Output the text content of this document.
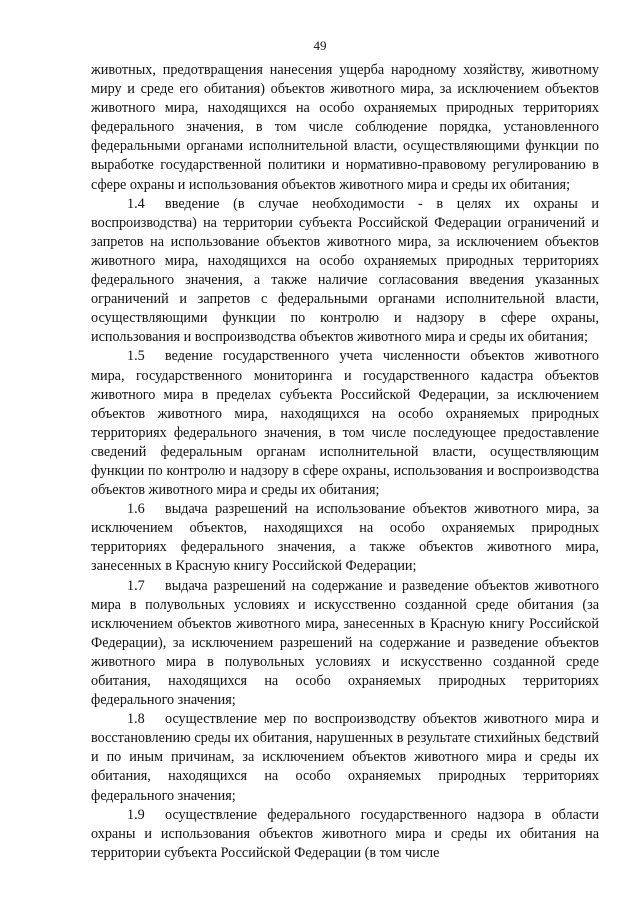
49

животных, предотвращения нанесения ущерба народному хозяйству, животному миру и среде его обитания) объектов животного мира, за исключением объектов животного мира, находящихся на особо охраняемых природных территориях федерального значения, в том числе соблюдение порядка, установленного федеральными органами исполнительной власти, осуществляющими функции по выработке государственной политики и нормативно-правовому регулированию в сфере охраны и использования объектов животного мира и среды их обитания;

1.4 введение (в случае необходимости - в целях их охраны и воспроизводства) на территории субъекта Российской Федерации ограничений и запретов на использование объектов животного мира, за исключением объектов животного мира, находящихся на особо охраняемых природных территориях федерального значения, а также наличие согласования введения указанных ограничений и запретов с федеральными органами исполнительной власти, осуществляющими функции по контролю и надзору в сфере охраны, использования и воспроизводства объектов животного мира и среды их обитания;

1.5 ведение государственного учета численности объектов животного мира, государственного мониторинга и государственного кадастра объектов животного мира в пределах субъекта Российской Федерации, за исключением объектов животного мира, находящихся на особо охраняемых природных территориях федерального значения, в том числе последующее предоставление сведений федеральным органам исполнительной власти, осуществляющим функции по контролю и надзору в сфере охраны, использования и воспроизводства объектов животного мира и среды их обитания;

1.6 выдача разрешений на использование объектов животного мира, за исключением объектов, находящихся на особо охраняемых природных территориях федерального значения, а также объектов животного мира, занесенных в Красную книгу Российской Федерации;

1.7 выдача разрешений на содержание и разведение объектов животного мира в полувольных условиях и искусственно созданной среде обитания (за исключением объектов животного мира, занесенных в Красную книгу Российской Федерации), за исключением разрешений на содержание и разведение объектов животного мира в полувольных условиях и искусственно созданной среде обитания, находящихся на особо охраняемых природных территориях федерального значения;

1.8 осуществление мер по воспроизводству объектов животного мира и восстановлению среды их обитания, нарушенных в результате стихийных бедствий и по иным причинам, за исключением объектов животного мира и среды их обитания, находящихся на особо охраняемых природных территориях федерального значения;

1.9 осуществление федерального государственного надзора в области охраны и использования объектов животного мира и среды их обитания на территории субъекта Российской Федерации (в том числе
